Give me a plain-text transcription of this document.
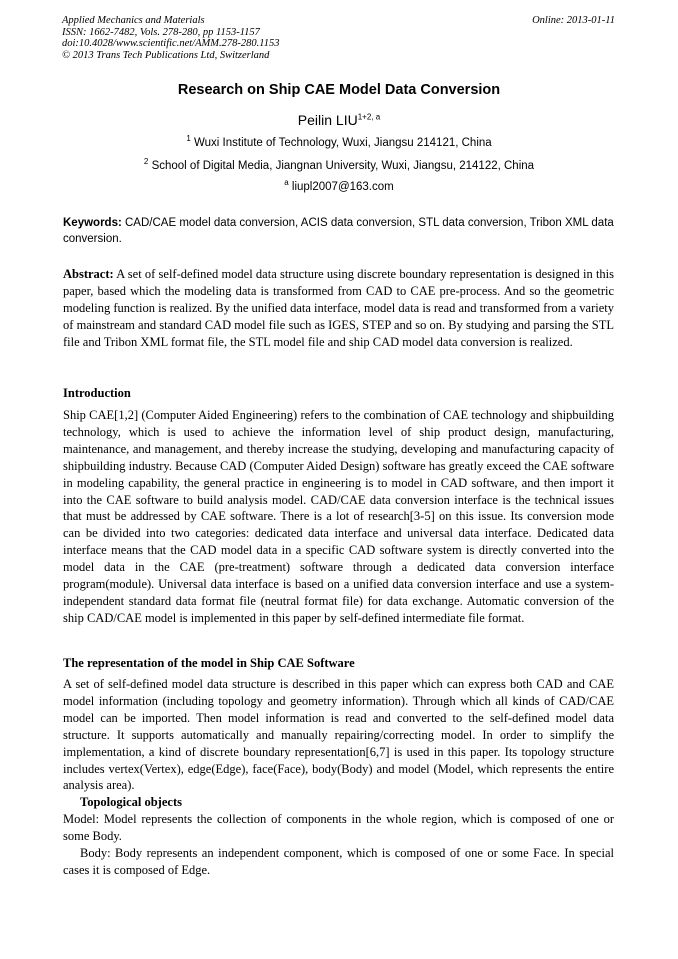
Applied Mechanics and Materials
ISSN: 1662-7482, Vols. 278-280, pp 1153-1157
doi:10.4028/www.scientific.net/AMM.278-280.1153
© 2013 Trans Tech Publications Ltd, Switzerland
Online: 2013-01-11
Research on Ship CAE Model Data Conversion
Peilin $LIU^{1+2, a}$
$^1$ Wuxi Institute of Technology, Wuxi, Jiangsu 214121, China
$^2$ School of Digital Media, Jiangnan University, Wuxi, Jiangsu, 214122, China
$^a$ liupl2007@163.com
Keywords: CAD/CAE model data conversion, ACIS data conversion, STL data conversion, Tribon XML data conversion.

Abstract: A set of self-defined model data structure using discrete boundary representation is designed in this paper, based which the modeling data is transformed from CAD to CAE pre-process. And so the geometric modeling function is realized. By the unified data interface, model data is read and transformed from a variety of mainstream and standard CAD model file such as IGES, STEP and so on. By studying and parsing the STL file and Tribon XML format file, the STL model file and ship CAD model data conversion is realized.

Introduction

Ship CAE[1,2] (Computer Aided Engineering) refers to the combination of CAE technology and shipbuilding technology, which is used to achieve the information level of ship product design, manufacturing, maintenance, and management, and thereby increase the studying, developing and manufacturing capacity of shipbuilding industry. Because CAD (Computer Aided Design) software has greatly exceed the CAE software in modeling capability, the general practice in engineering is to model in CAD software, and then import it into the CAE software to build analysis model. CAD/CAE data conversion interface is the technical issues that must be addressed by CAE software. There is a lot of research[3-5] on this issue. Its conversion mode can be divided into two categories: dedicated data interface and universal data interface. Dedicated data interface means that the CAD model data in a specific CAD software system is directly converted into the model data in the CAE (pre-treatment) software through a dedicated data conversion interface program(module). Universal data interface is based on a unified data conversion interface and use a system-independent standard data format file (neutral format file) for data exchange. Automatic conversion of the ship CAD/CAE model is implemented in this paper by self-defined intermediate file format.

The representation of the model in Ship CAE Software

A set of self-defined model data structure is described in this paper which can express both CAD and CAE model information (including topology and geometry information). Through which all kinds of CAD/CAE model can be imported. Then model information is read and converted to the self-defined model data structure. It supports automatically and manually repairing/correcting model. In order to simplify the implementation, a kind of discrete boundary representation[6,7] is used in this paper. Its topology structure includes vertex(Vertex), edge(Edge), face(Face), body(Body) and model (Model, which represents the entire analysis area).

Topological objects

Model: Model represents the collection of components in the whole region, which is composed of one or some Body.

Body: Body represents an independent component, which is composed of one or some Face. In special cases it is composed of Edge.
